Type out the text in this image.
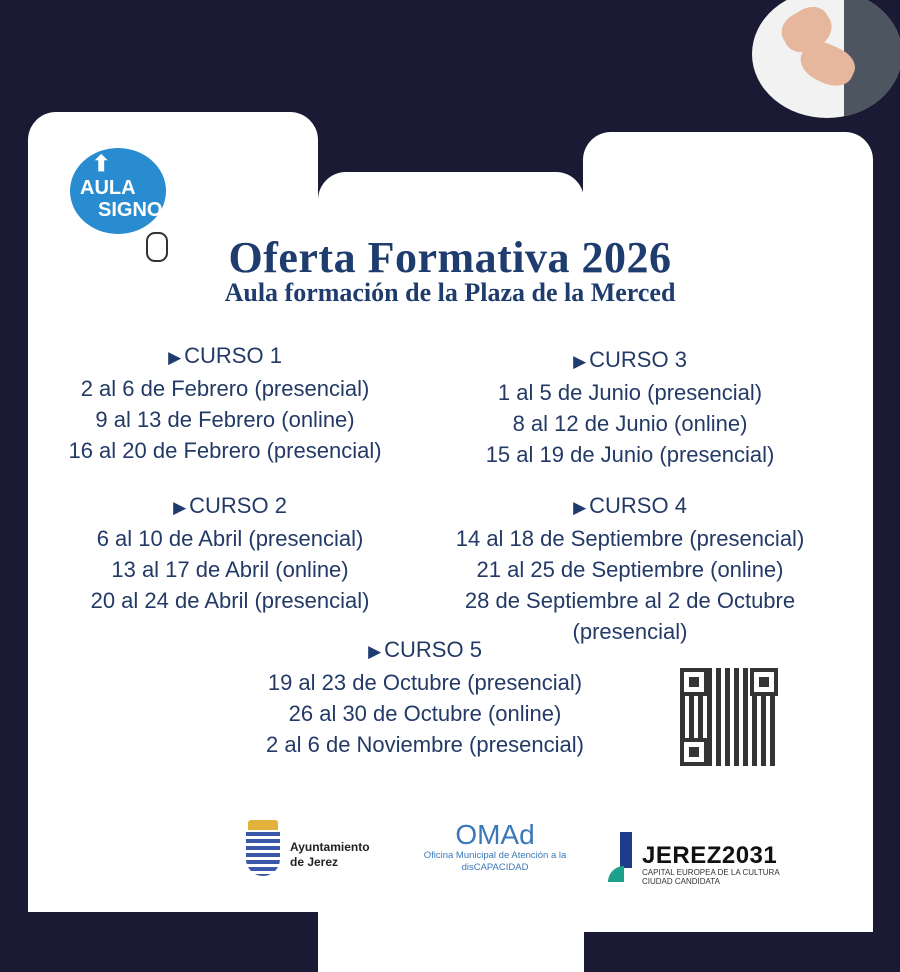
⬆
AULA
SIGNO
Oferta Formativa 2026
Aula formación de la Plaza de la Merced
▶ CURSO 1
2 al 6 de Febrero (presencial)
9 al 13 de Febrero (online)
16 al 20 de Febrero (presencial)
▶ CURSO 2
6 al 10 de Abril (presencial)
13 al 17 de Abril (online)
20 al 24 de Abril (presencial)
▶ CURSO 3
1 al 5 de Junio (presencial)
8 al 12 de Junio (online)
15 al 19 de Junio (presencial)
▶ CURSO 4
14 al 18 de Septiembre (presencial)
21 al 25 de Septiembre (online)
28 de Septiembre al 2 de Octubre
(presencial)
▶ CURSO 5
19 al 23 de Octubre (presencial)
26 al 30 de Octubre (online)
2 al 6 de Noviembre (presencial)
Ayuntamiento
de Jerez
OMAd
Oficina Municipal de Atención a la
disCAPACIDAD	JEREZ2031
CAPITAL EUROPEA DE LA CULTURA
CIUDAD CANDIDATA
